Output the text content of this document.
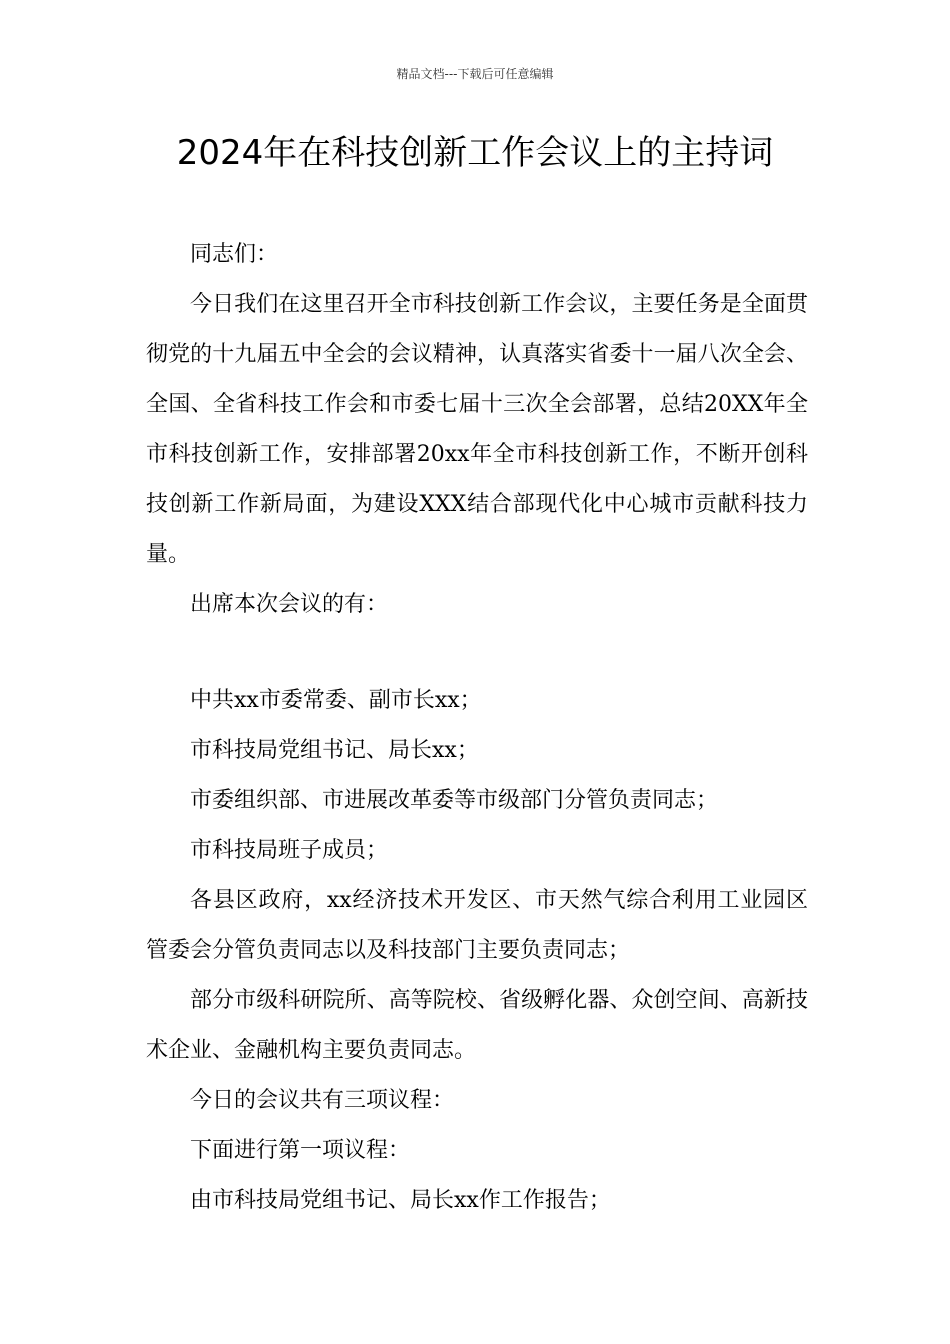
精品文档---下载后可任意编辑
2024年在科技创新工作会议上的主持词

同志们：

今日我们在这里召开全市科技创新工作会议，主要任务是全面贯彻党的十九届五中全会的会议精神，认真落实省委十一届八次全会、全国、全省科技工作会和市委七届十三次全会部署，总结20XX年全市科技创新工作，安排部署20xx年全市科技创新工作，不断开创科技创新工作新局面，为建设XXX结合部现代化中心城市贡献科技力量。

出席本次会议的有：

中共xx市委常委、副市长xx；

市科技局党组书记、局长xx；

市委组织部、市进展改革委等市级部门分管负责同志；

市科技局班子成员；

各县区政府，xx经济技术开发区、市天然气综合利用工业园区管委会分管负责同志以及科技部门主要负责同志；

部分市级科研院所、高等院校、省级孵化器、众创空间、高新技术企业、金融机构主要负责同志。

今日的会议共有三项议程：

下面进行第一项议程：

由市科技局党组书记、局长xx作工作报告；
